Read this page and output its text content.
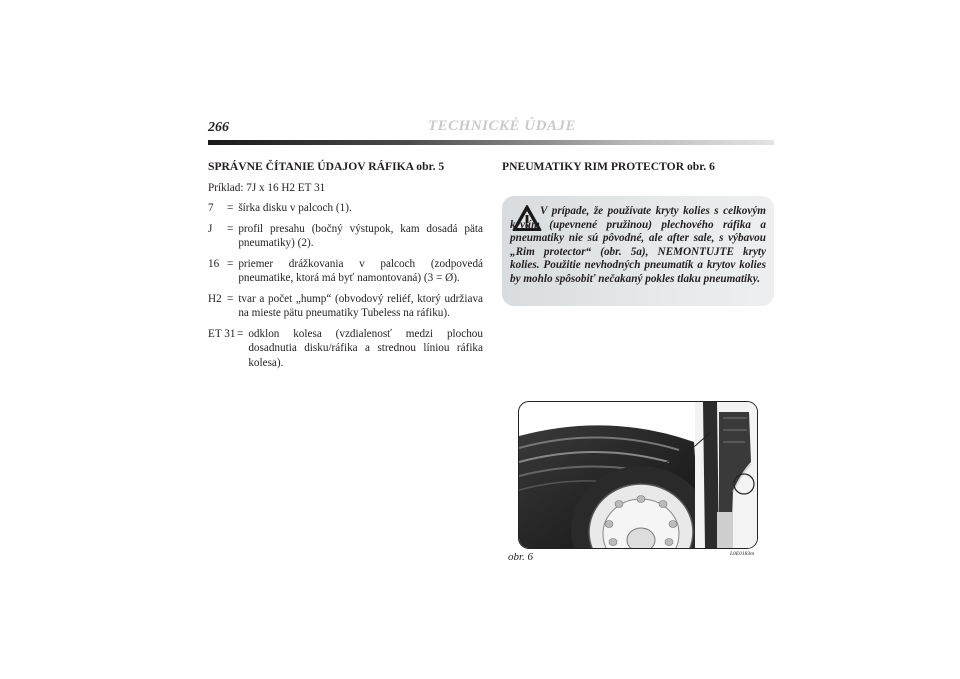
266	TECHNICKÉ ÚDAJE
SPRÁVNE ČÍTANIE ÚDAJOV RÁFIKA obr. 5
Príklad: 7J x 16 H2 ET 31
7	= šírka disku v palcoch (1).
J	= profil presahu (bočný výstupok, kam dosadá päta pneumatiky) (2).
16 = priemer drážkovania v palcoch (zodpovedá pneumatike, ktorá má byť namontovaná) (3 = Ø).
H2 = tvar a počet „hump“ (obvodový reliéf, ktorý udržiava na mieste pätu pneumatiky Tubeless na ráfiku).
ET 31 = odklon kolesa (vzdialenosť medzi plochou dosadnutia disku/ráfika a strednou líniou ráfika kolesa).
PNEUMATIKY RIM PROTECTOR obr. 6
V prípade, že používate kryty kolies s celkovým krytím (upevnené pružinou) plechového ráfika a pneumatiky nie sú pôvodné, ale after sale, s výbavou „Rim protector“ (obr. 5a), NEMONTUJTE kryty kolies. Použitie nevhodných pneumatík a krytov kolies by mohlo spôsobiť nečakaný pokles tlaku pneumatiky.
obr. 6	L0E0183m
